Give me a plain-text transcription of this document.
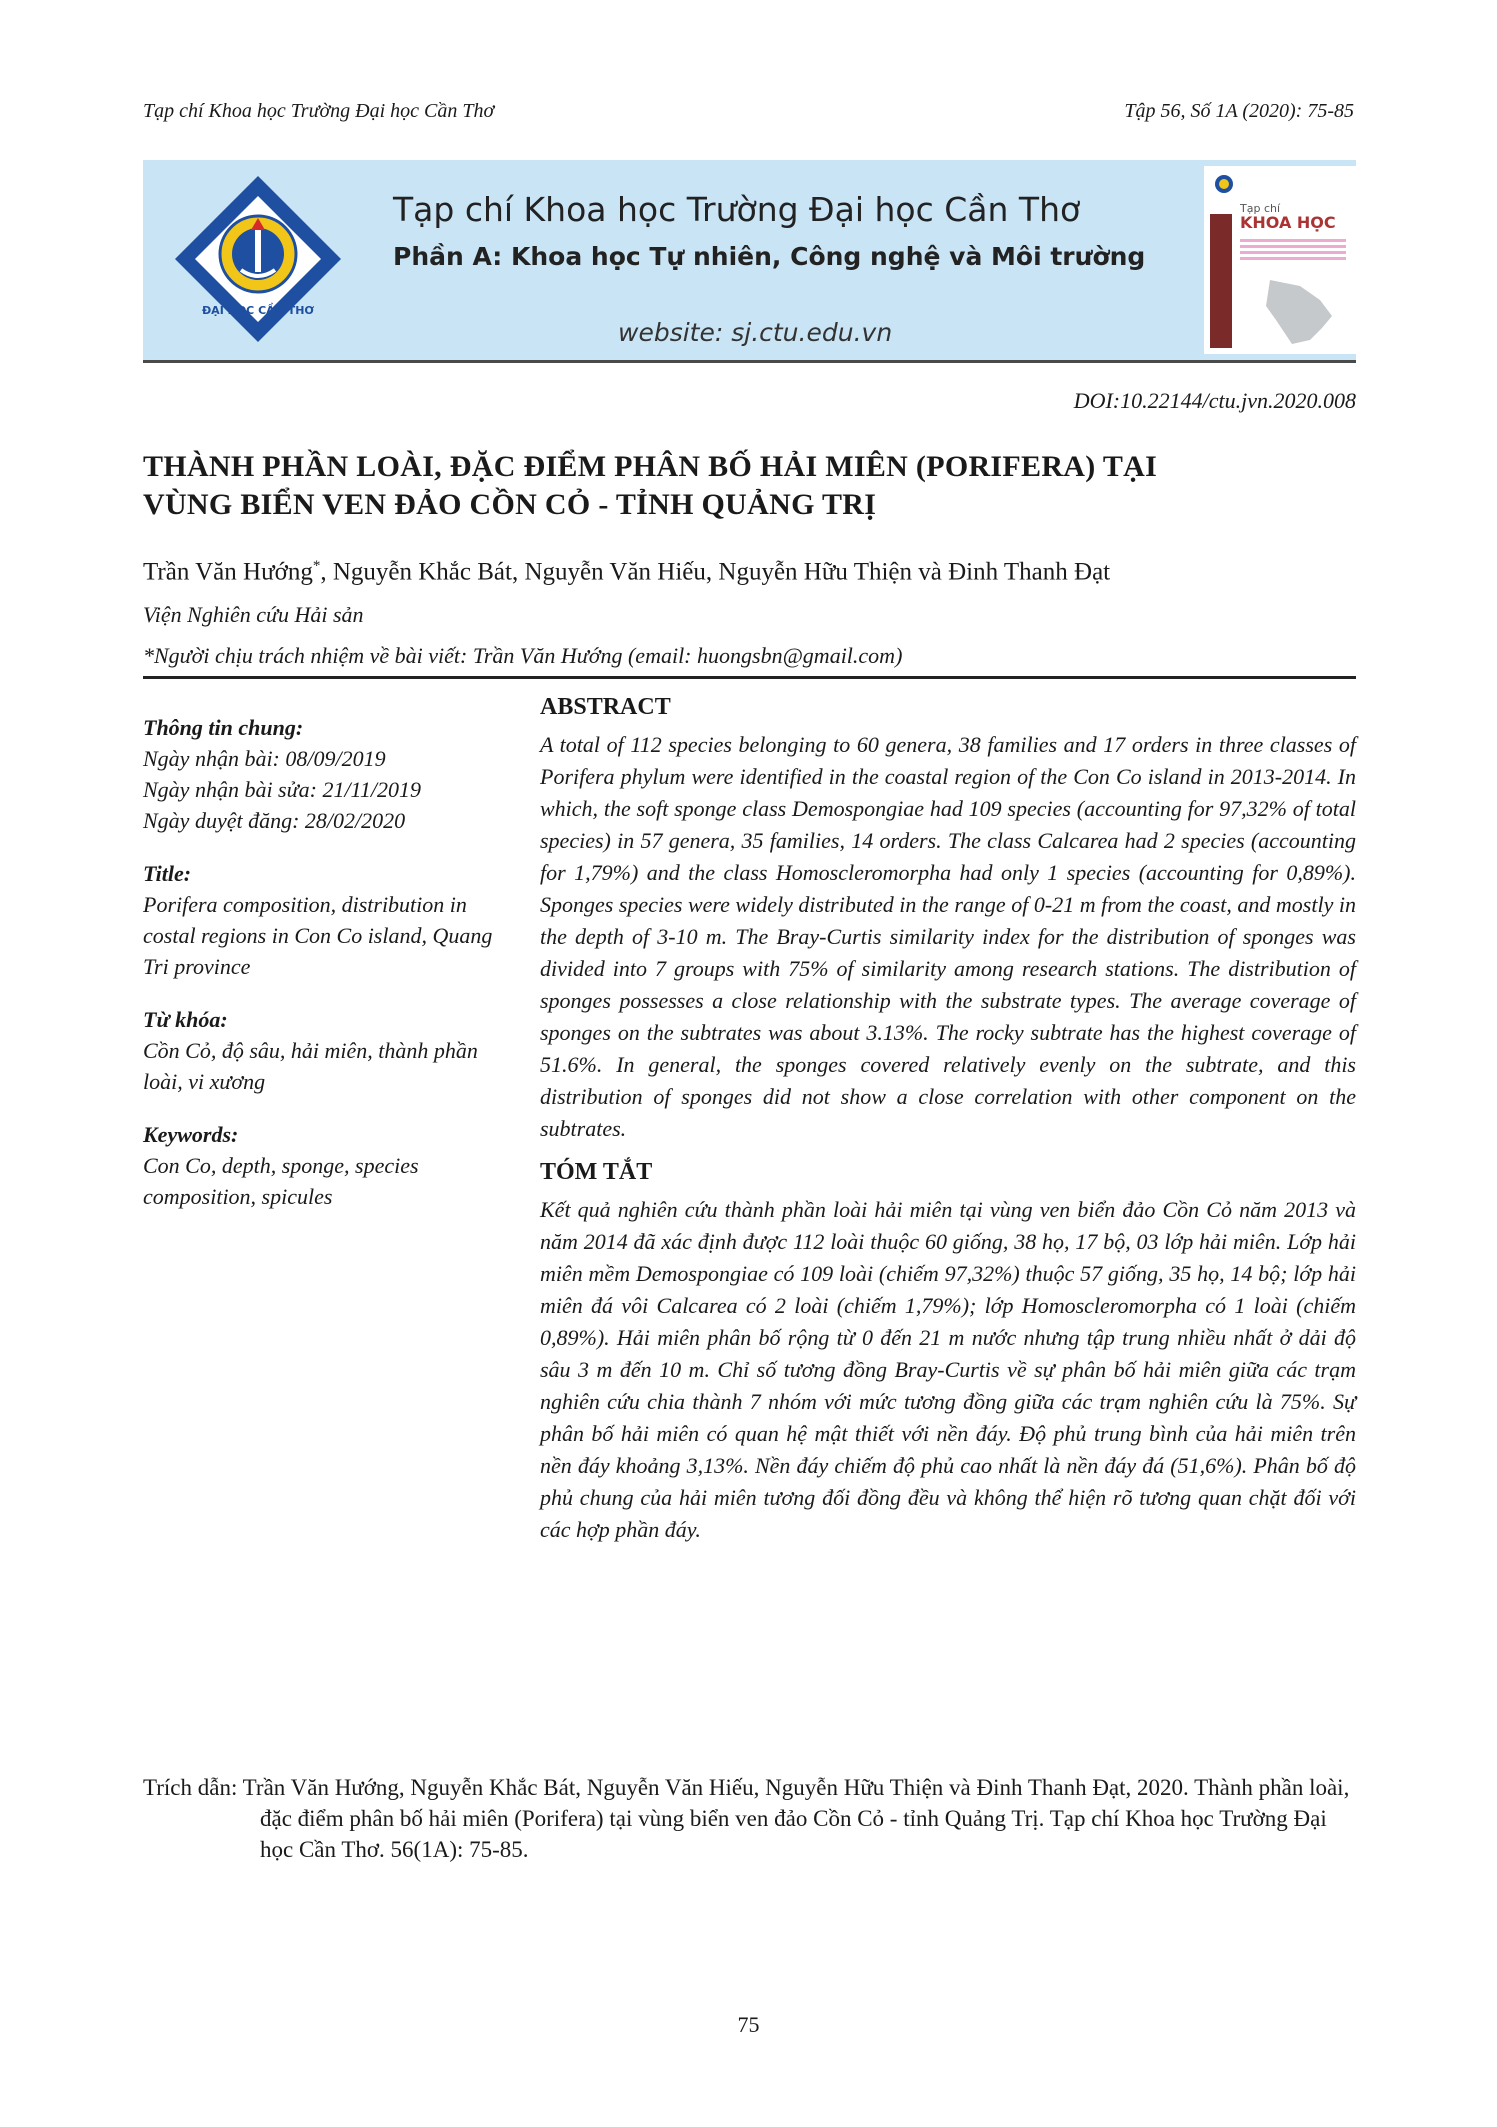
Tạp chí Khoa học Trường Đại học Cần Thơ	Tập 56, Số 1A (2020): 75-85
ĐẠI HỌC CẦN THƠ
Tạp chí Khoa học Trường Đại học Cần Thơ
Phần A: Khoa học Tự nhiên, Công nghệ và Môi trường
website: sj.ctu.edu.vn
Tạp chí
KHOA HỌC
DOI:10.22144/ctu.jvn.2020.008
THÀNH PHẦN LOÀI, ĐẶC ĐIỂM PHÂN BỐ HẢI MIÊN (PORIFERA) TẠI
VÙNG BIỂN VEN ĐẢO CỒN CỎ - TỈNH QUẢNG TRỊ
Trần Văn Hướng*, Nguyễn Khắc Bát, Nguyễn Văn Hiếu, Nguyễn Hữu Thiện và Đinh Thanh Đạt
Viện Nghiên cứu Hải sản
*Người chịu trách nhiệm về bài viết: Trần Văn Hướng (email: huongsbn@gmail.com)
Thông tin chung:
Ngày nhận bài: 08/09/2019
Ngày nhận bài sửa: 21/11/2019
Ngày duyệt đăng: 28/02/2020
Title:
Porifera composition, distribution in costal regions in Con Co island, Quang Tri province
Từ khóa:
Cồn Cỏ, độ sâu, hải miên, thành phần loài, vi xương
Keywords:
Con Co, depth, sponge, species composition, spicules
ABSTRACT

A total of 112 species belonging to 60 genera, 38 families and 17 orders in three classes of Porifera phylum were identified in the coastal region of the Con Co island in 2013-2014. In which, the soft sponge class Demospongiae had 109 species (accounting for 97,32% of total species) in 57 genera, 35 families, 14 orders. The class Calcarea had 2 species (accounting for 1,79%) and the class Homoscleromorpha had only 1 species (accounting for 0,89%). Sponges species were widely distributed in the range of 0-21 m from the coast, and mostly in the depth of 3-10 m. The Bray-Curtis similarity index for the distribution of sponges was divided into 7 groups with 75% of similarity among research stations. The distribution of sponges possesses a close relationship with the substrate types. The average coverage of sponges on the subtrates was about 3.13%. The rocky subtrate has the highest coverage of 51.6%. In general, the sponges covered relatively evenly on the subtrate, and this distribution of sponges did not show a close correlation with other component on the subtrates.

TÓM TẮT

Kết quả nghiên cứu thành phần loài hải miên tại vùng ven biển đảo Cồn Cỏ năm 2013 và năm 2014 đã xác định được 112 loài thuộc 60 giống, 38 họ, 17 bộ, 03 lớp hải miên. Lớp hải miên mềm Demospongiae có 109 loài (chiếm 97,32%) thuộc 57 giống, 35 họ, 14 bộ; lớp hải miên đá vôi Calcarea có 2 loài (chiếm 1,79%); lớp Homoscleromorpha có 1 loài (chiếm 0,89%). Hải miên phân bố rộng từ 0 đến 21 m nước nhưng tập trung nhiều nhất ở dải độ sâu 3 m đến 10 m. Chỉ số tương đồng Bray-Curtis về sự phân bố hải miên giữa các trạm nghiên cứu chia thành 7 nhóm với mức tương đồng giữa các trạm nghiên cứu là 75%. Sự phân bố hải miên có quan hệ mật thiết với nền đáy. Độ phủ trung bình của hải miên trên nền đáy khoảng 3,13%. Nền đáy chiếm độ phủ cao nhất là nền đáy đá (51,6%). Phân bố độ phủ chung của hải miên tương đối đồng đều và không thể hiện rõ tương quan chặt đối với các hợp phần đáy.

Trích dẫn: Trần Văn Hướng, Nguyễn Khắc Bát, Nguyễn Văn Hiếu, Nguyễn Hữu Thiện và Đinh Thanh Đạt, 2020. Thành phần loài, đặc điểm phân bố hải miên (Porifera) tại vùng biển ven đảo Cồn Cỏ - tỉnh Quảng Trị. Tạp chí Khoa học Trường Đại học Cần Thơ. 56(1A): 75-85.
75
